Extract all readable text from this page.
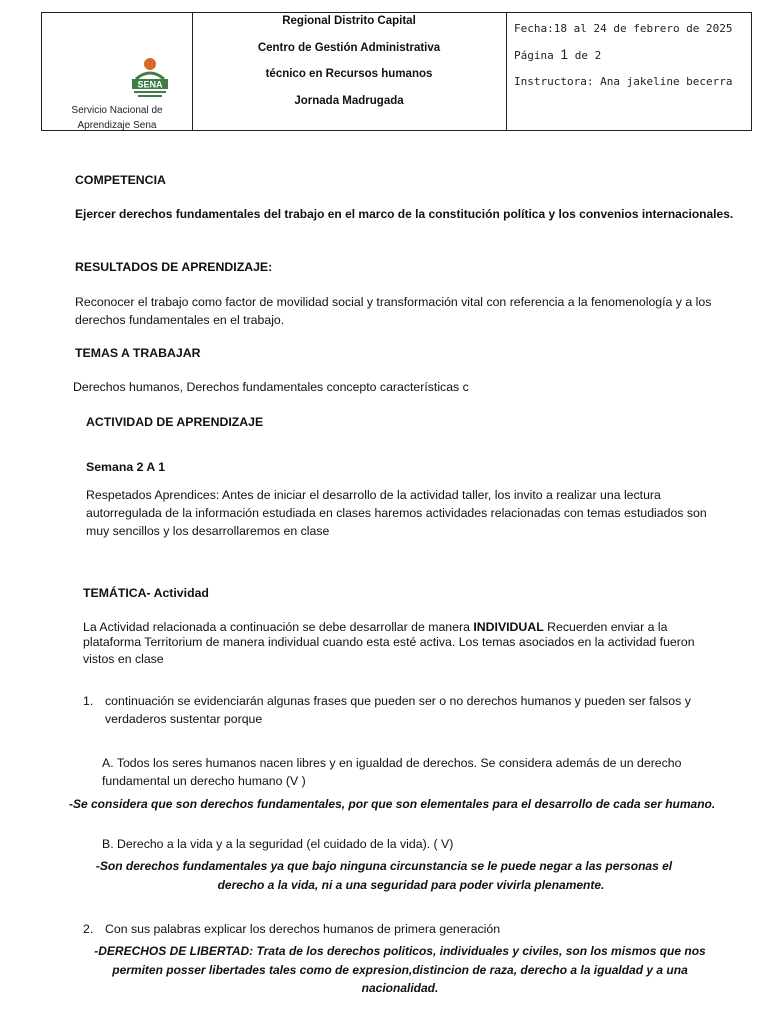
SENA
Servicio Nacional de
Aprendizaje Sena
Regional Distrito Capital
Centro de Gestión Administrativa
técnico en Recursos humanos
Jornada Madrugada
Fecha:18 al 24 de febrero de 2025
Página 1 de 2
Instructora: Ana jakeline becerra
COMPETENCIA
Ejercer derechos fundamentales del trabajo en el marco de la constitución política y los convenios internacionales.
RESULTADOS DE APRENDIZAJE:
Reconocer el trabajo como factor de movilidad social y transformación vital con referencia a la fenomenología y a los
derechos fundamentales en el trabajo.
TEMAS A TRABAJAR
Derechos humanos, Derechos fundamentales concepto características c
ACTIVIDAD DE APRENDIZAJE
Semana 2 A 1
Respetados Aprendices: Antes de iniciar el desarrollo de la actividad taller, los invito a realizar una lectura
autorregulada de la información estudiada en clases haremos actividades relacionadas con temas estudiados son
muy sencillos y los desarrollaremos en clase
TEMÁTICA- Actividad
La Actividad relacionada a continuación se debe desarrollar de manera INDIVIDUAL Recuerden enviar a la
plataforma Territorium de manera individual cuando esta esté activa. Los temas asociados en la actividad fueron
vistos en clase
1. continuación se evidenciarán algunas frases que pueden ser o no derechos humanos y pueden ser falsos y
verdaderos sustentar porque
A. Todos los seres humanos nacen libres y en igualdad de derechos. Se considera además de un derecho
fundamental un derecho humano (V )
-Se considera que son derechos fundamentales, por que son elementales para el desarrollo de cada ser humano.
B. Derecho a la vida y a la seguridad (el cuidado de la vida). ( V)
-Son derechos fundamentales ya que bajo ninguna circunstancia se le puede negar a las personas el
derecho a la vida, ni a una seguridad para poder vivirla plenamente.
2. Con sus palabras explicar los derechos humanos de primera generación
-DERECHOS DE LIBERTAD: Trata de los derechos politicos, individuales y civiles, son los mismos que nos
permiten posser libertades tales como de expresion,distincion de raza, derecho a la igualdad y a una
nacionalidad.
